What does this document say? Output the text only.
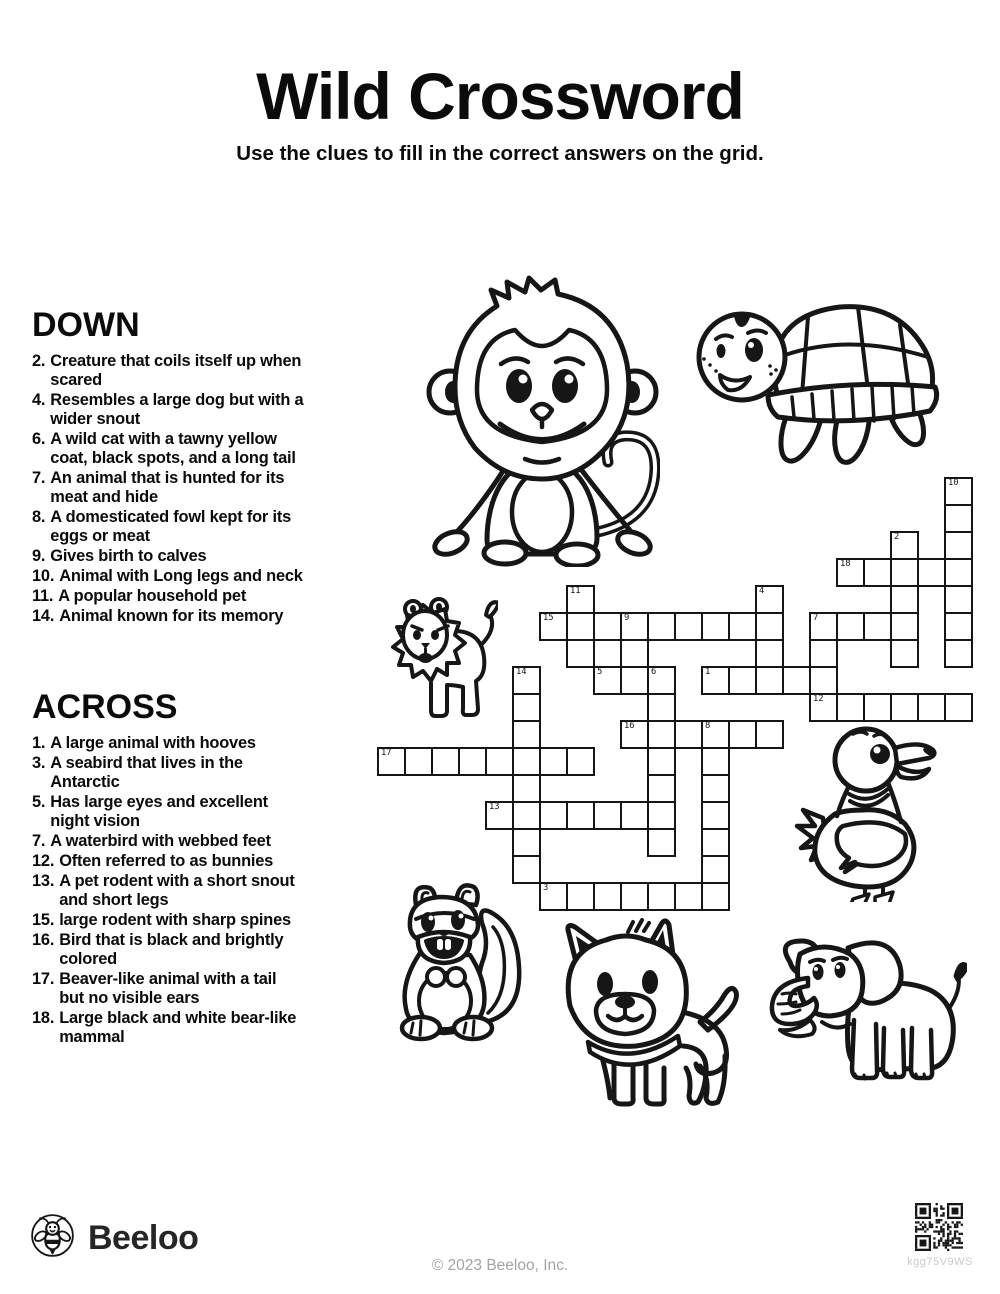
Wild Crossword
Use the clues to fill in the correct answers on the grid.
DOWN
2. Creature that coils itself up when scared
4. Resembles a large dog but with a wider snout
6. A wild cat with a tawny yellow coat, black spots, and a long tail
7. An animal that is hunted for its meat and hide
8. A domesticated fowl kept for its eggs or meat
9. Gives birth to calves
10. Animal with Long legs and neck
11. A popular household pet
14. Animal known for its memory
ACROSS
1. A large animal with hooves
3. A seabird that lives in the Antarctic
5. Has large eyes and excellent night vision
7. A waterbird with webbed feet
12. Often referred to as bunnies
13. A pet rodent with a short snout and short legs
15. large rodent with sharp spines
16. Bird that is black and brightly colored
17. Beaver-like animal with a tail but no visible ears
18. Large black and white bear-like mammal
10
2
18
11	4
15	9	7
14	5	6	1
12
16	8
17
13
3
Beeloo
© 2023 Beeloo, Inc.	kgg75V9WS
